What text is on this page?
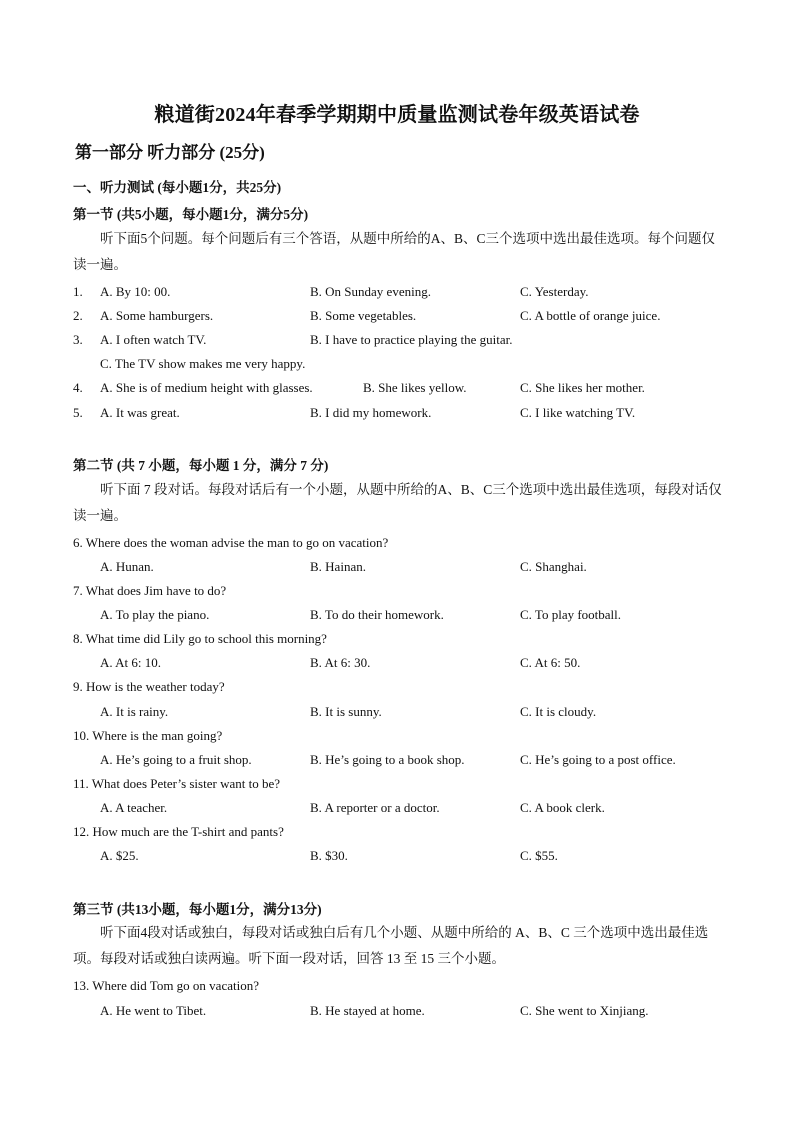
粮道街2024年春季学期期中质量监测试卷年级英语试卷
第一部分 听力部分 (25分)
一、听力测试 (每小题1分，共25分)
第一节 (共5小题，每小题1分，满分5分)
听下面5个问题。每个问题后有三个答语，从题中所给的A、B、C三个选项中选出最佳选项。每个问题仅读一遍。
1. A. By 10: 00.	B. On Sunday evening.	C. Yesterday.
2. A. Some hamburgers.	B. Some vegetables.	C. A bottle of orange juice.
3. A. I often watch TV.	B. I have to practice playing the guitar.
C. The TV show makes me very happy.
4. A. She is of medium height with glasses.	B. She likes yellow.	C. She likes her mother.
5. A. It was great.	B. I did my homework.	C. I like watching TV.
第二节 (共 7 小题，每小题 1 分，满分 7 分)
听下面 7 段对话。每段对话后有一个小题，从题中所给的A、B、C三个选项中选出最佳选项，每段对话仅读一遍。
6. Where does the woman advise the man to go on vacation?
A. Hunan.	B. Hainan.	C. Shanghai.
7. What does Jim have to do?
A. To play the piano.	B. To do their homework.	C. To play football.
8. What time did Lily go to school this morning?
A. At 6: 10.	B. At 6: 30.	C. At 6: 50.
9. How is the weather today?
A. It is rainy.	B. It is sunny.	C. It is cloudy.
10. Where is the man going?
A. He’s going to a fruit shop.	B. He’s going to a book shop.	C. He’s going to a post office.
11. What does Peter’s sister want to be?
A. A teacher.	B. A reporter or a doctor.	C. A book clerk.
12. How much are the T-shirt and pants?
A. $25.	B. $30.	C. $55.
第三节 (共13小题，每小题1分，满分13分)
听下面4段对话或独白，每段对话或独白后有几个小题、从题中所给的 A、B、C 三个选项中选出最佳选项。每段对话或独白读两遍。听下面一段对话，回答 13 至 15 三个小题。
13. Where did Tom go on vacation?
A. He went to Tibet.	B. He stayed at home.	C. She went to Xinjiang.
